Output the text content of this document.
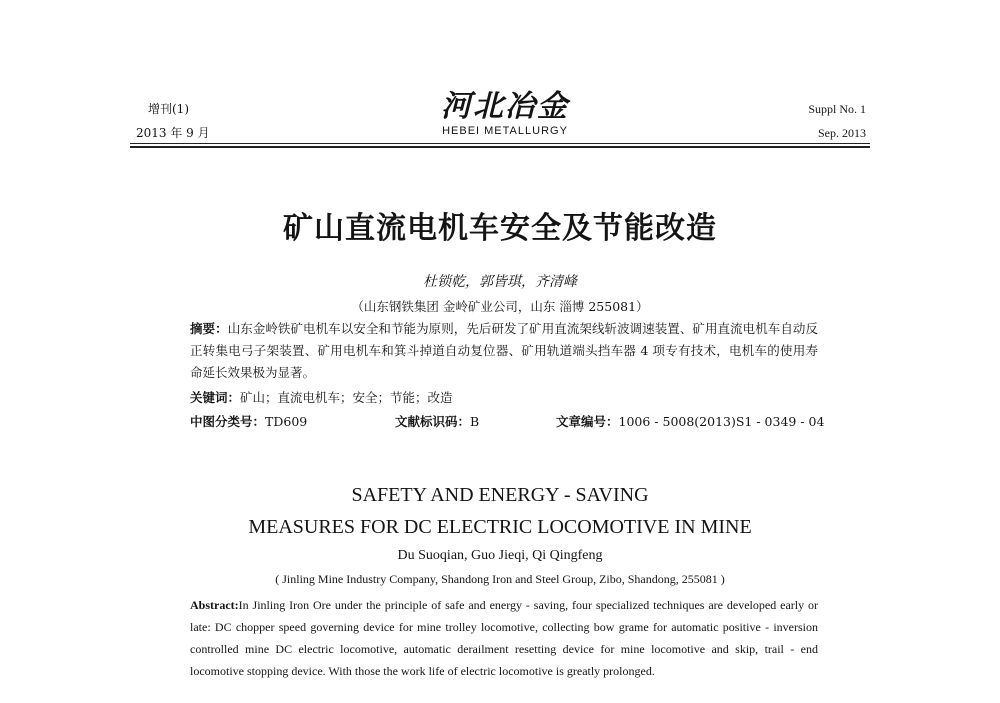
增刊(1)
2013 年 9 月
河北冶金
HEBEI METALLURGY
Suppl No. 1
Sep. 2013
矿山直流电机车安全及节能改造
杜锁乾，郭皆琪，齐清峰
（山东钢铁集团 金岭矿业公司，山东 淄博 255081）
摘要：山东金岭铁矿电机车以安全和节能为原则，先后研发了矿用直流架线斩波调速装置、矿用直流电机车自动反正转集电弓子架装置、矿用电机车和箕斗掉道自动复位器、矿用轨道端头挡车器 4 项专有技术，电机车的使用寿命延长效果极为显著。
关键词：矿山；直流电机车；安全；节能；改造
中图分类号：TD609	文献标识码：B	文章编号：1006 - 5008(2013)S1 - 0349 - 04
SAFETY AND ENERGY - SAVING
MEASURES FOR DC ELECTRIC LOCOMOTIVE IN MINE
Du Suoqian, Guo Jieqi, Qi Qingfeng
( Jinling Mine Industry Company, Shandong Iron and Steel Group, Zibo, Shandong, 255081 )
Abstract:In Jinling Iron Ore under the principle of safe and energy - saving, four specialized techniques are developed early or late: DC chopper speed governing device for mine trolley locomotive, collecting bow grame for automatic positive - inversion controlled mine DC electric locomotive, automatic derailment resetting device for mine locomotive and skip, trail - end locomotive stopping device. With those the work life of electric locomotive is greatly prolonged.
